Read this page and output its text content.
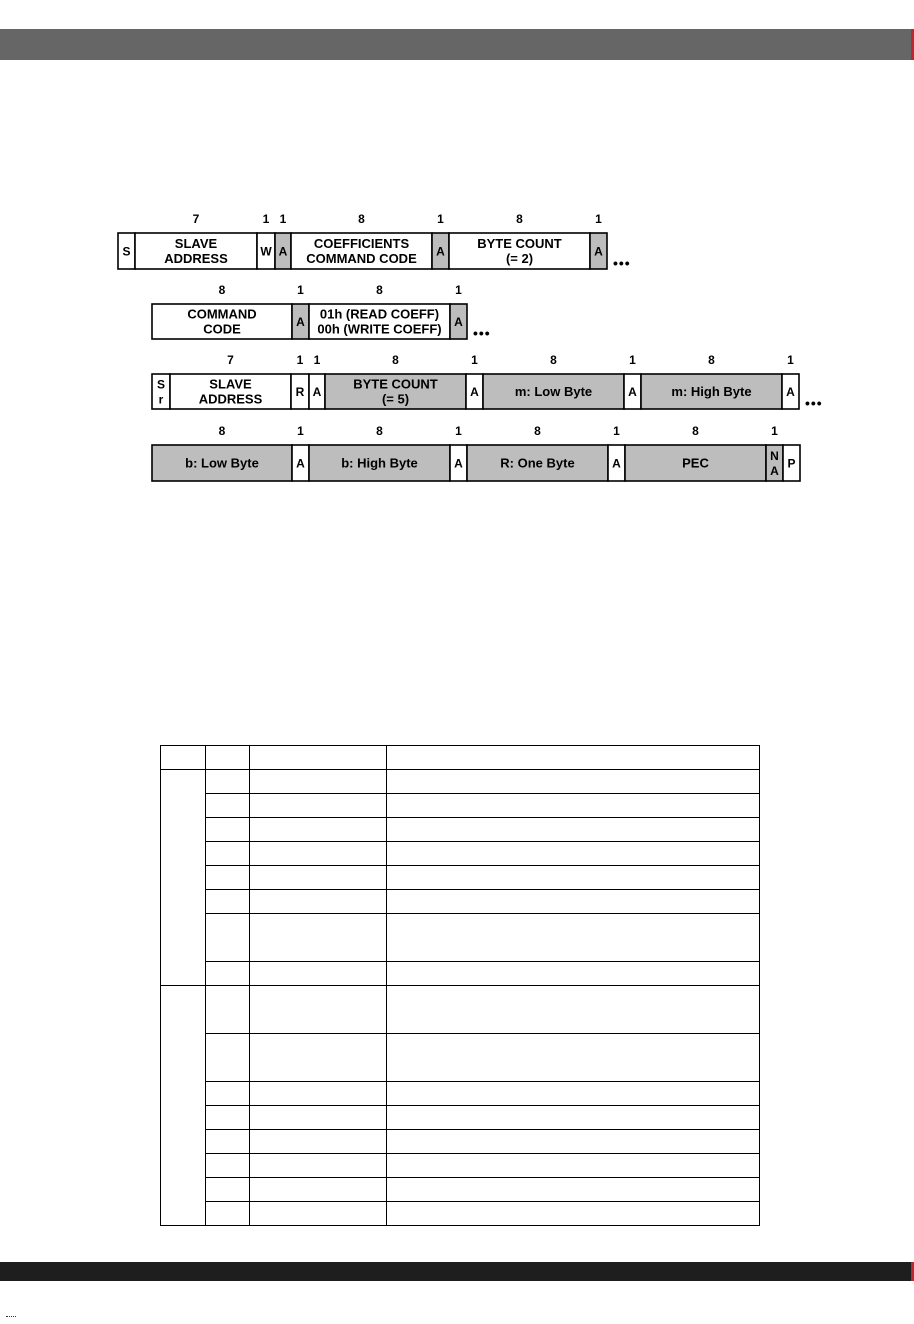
S
SLAVE
ADDRESS
7
W
1
A
1
COEFFICIENTS
COMMAND CODE
8
A
1
BYTE COUNT
(= 2)
8
A
1
•••
COMMAND
CODE
8
A
1
01h (READ COEFF)
00h (WRITE COEFF)
8
A
1
•••
S
r
SLAVE
ADDRESS
7
R
1
A
1
BYTE COUNT
(= 5)
8
A
1
m: Low Byte
8
A
1
m: High Byte
8
A
1
•••
b: Low Byte
8
A
1
b: High Byte
8
A
1
R: One Byte
8
A
1
PEC
8
N
A
1
P
